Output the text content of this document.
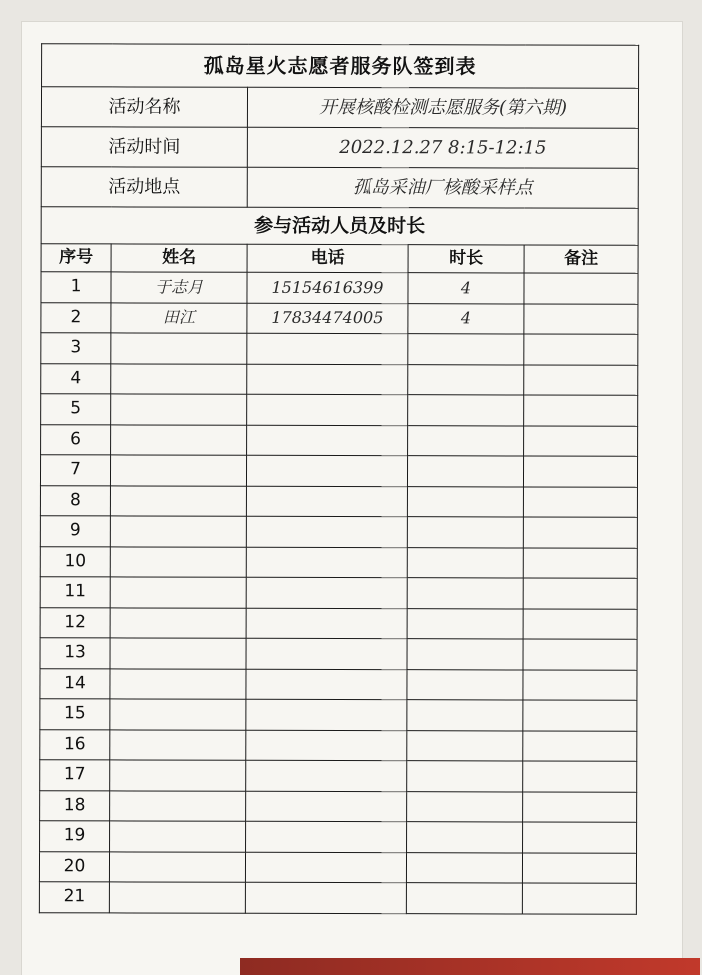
孤岛星火志愿者服务队签到表				
活动名称		开展核酸检测志愿服务(第六期)		
活动时间		2022.12.27 8:15-12:15		
活动地点		孤岛采油厂核酸采样点		
参与活动人员及时长				
序号	姓名	电话	时长	备注
1	于志月	15154616399	4	
2	田江	17834474005	4	
3				
4				
5				
6				
7				
8				
9				
10				
11				
12				
13				
14				
15				
16				
17				
18				
19				
20				
21				
